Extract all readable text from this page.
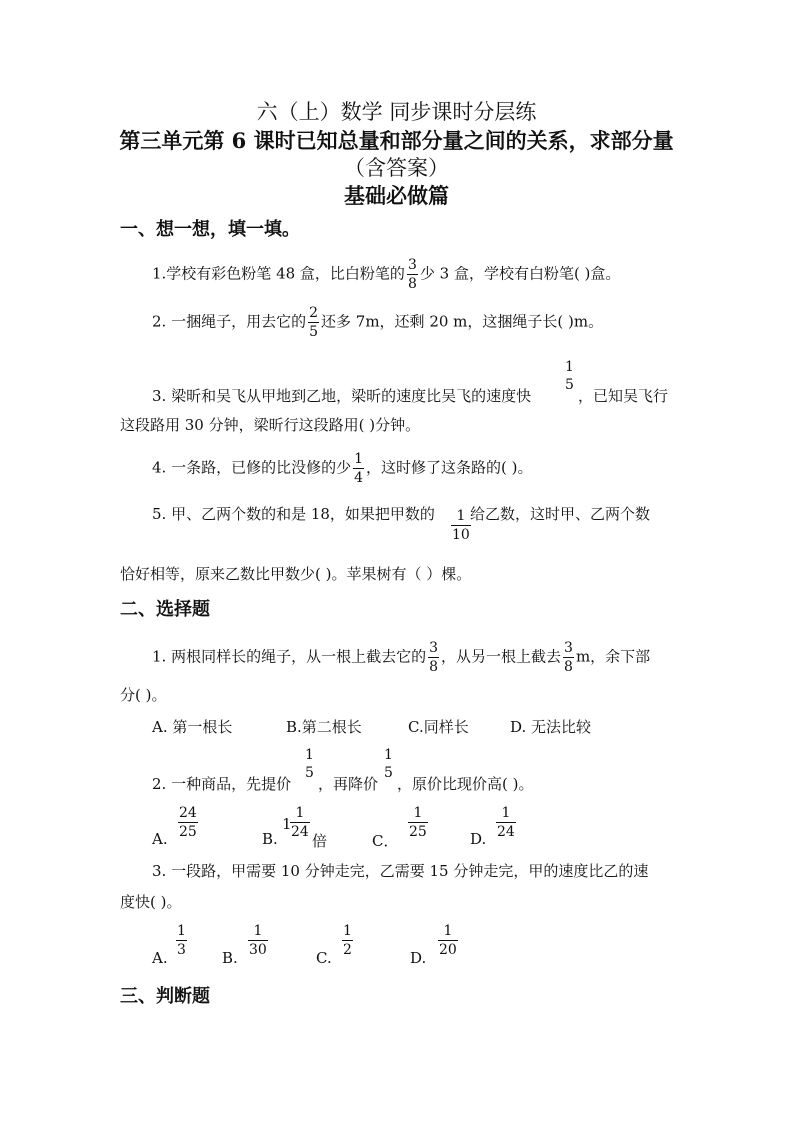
六（上）数学 同步课时分层练
第三单元第 6 课时已知总量和部分量之间的关系，求部分量
（含答案）
基础必做篇
一、想一想，填一填。
1.学校有彩色粉笔 48 盒，比白粉笔的 $\frac{3}{8}$ 少 3 盒，学校有白粉笔( )盒。
2. 一捆绳子，用去它的 $\frac{2}{5}$ 还多 7m，还剩 20 m，这捆绳子长( )m。
3. 梁昕和吴飞从甲地到乙地，梁昕的速度比吴飞的速度快
1
5
，已知吴飞行
这段路用 30 分钟，梁昕行这段路用( )分钟。
4. 一条路，已修的比没修的少 $\frac{1}{4}$ ，这时修了这条路的( )。
5. 甲、乙两个数的和是 18，如果把甲数的 $\frac{1}{10}$ 给乙数，这时甲、乙两个数
恰好相等，原来乙数比甲数少( )。苹果树有（ ）棵。
二、选择题
1. 两根同样长的绳子，从一根上截去它的 $\frac{3}{8}$ ，从另一根上截去 $\frac{3}{8}$ m，余下部
分( )。
A. 第一根长	B.第二根长	C.同样长	D. 无法比较
2. 一种商品，先提价
1
5
，再降价
1
5
，原价比现价高( )。
A. $\frac{24}{25}$	B.
1
$\frac{1}{24}$
倍	C．
$\frac{1}{25}$	D. $\frac{1}{24}$
3. 一段路，甲需要 10 分钟走完，乙需要 15 分钟走完，甲的速度比乙的速
度快( )。
A.
$\frac{1}{3}$
B.
$\frac{1}{30}$
C.
$\frac{1}{2}$
D.
$\frac{1}{20}$
三、判断题
